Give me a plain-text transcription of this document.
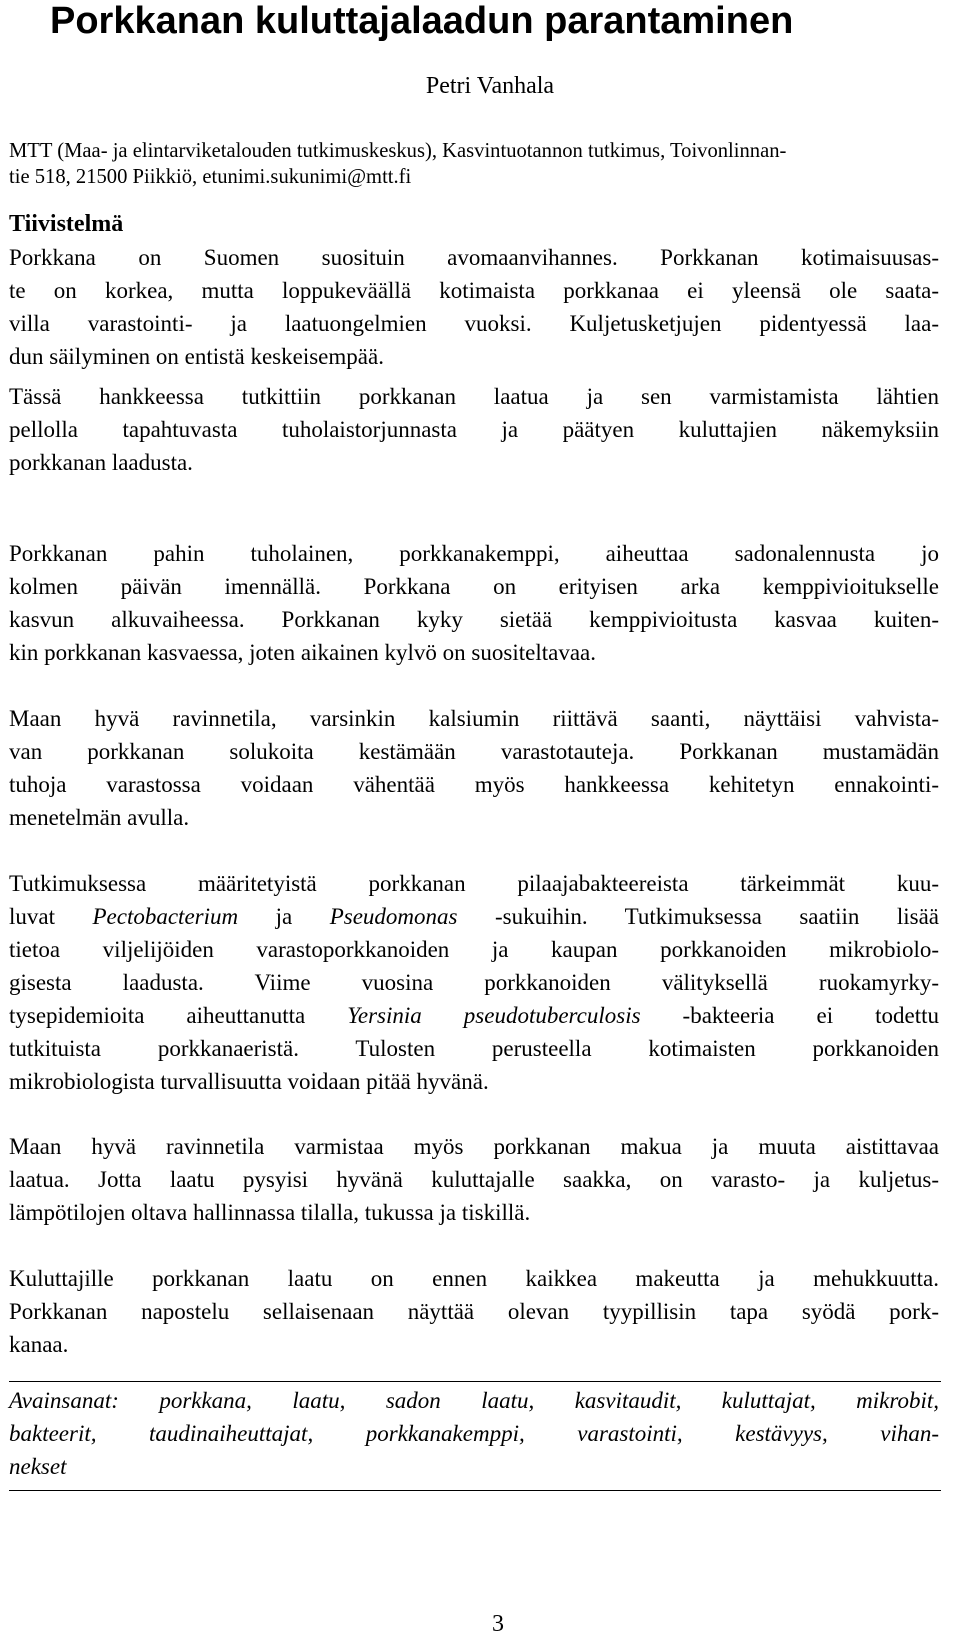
Porkkanan kuluttajalaadun parantaminen
Petri Vanhala
MTT (Maa- ja elintarviketalouden tutkimuskeskus), Kasvintuotannon tutkimus, Toivonlinnan-
tie 518, 21500 Piikkiö, etunimi.sukunimi@mtt.fi
Tiivistelmä
Porkkana on Suomen suosituin avomaanvihannes. Porkkanan kotimaisuusas-
te on korkea, mutta loppukeväällä kotimaista porkkanaa ei yleensä ole saata-
villa varastointi- ja laatuongelmien vuoksi. Kuljetusketjujen pidentyessä laa-
dun säilyminen on entistä keskeisempää.
Tässä hankkeessa tutkittiin porkkanan laatua ja sen varmistamista lähtien
pellolla tapahtuvasta tuholaistorjunnasta ja päätyen kuluttajien näkemyksiin
porkkanan laadusta.
Porkkanan pahin tuholainen, porkkanakemppi, aiheuttaa sadonalennusta jo
kolmen päivän imennällä. Porkkana on erityisen arka kemppivioitukselle
kasvun alkuvaiheessa. Porkkanan kyky sietää kemppivioitusta kasvaa kuiten-
kin porkkanan kasvaessa, joten aikainen kylvö on suositeltavaa.
Maan hyvä ravinnetila, varsinkin kalsiumin riittävä saanti, näyttäisi vahvista-
van porkkanan solukoita kestämään varastotauteja. Porkkanan mustamädän
tuhoja varastossa voidaan vähentää myös hankkeessa kehitetyn ennakointi-
menetelmän avulla.
Tutkimuksessa määritetyistä porkkanan pilaajabakteereista tärkeimmät kuu-
luvat Pectobacterium ja Pseudomonas -sukuihin. Tutkimuksessa saatiin lisää
tietoa viljelijöiden varastoporkkanoiden ja kaupan porkkanoiden mikrobiolo-
gisesta laadusta. Viime vuosina porkkanoiden välityksellä ruokamyrky-
tysepidemioita aiheuttanutta Yersinia pseudotuberculosis -bakteeria ei todettu
tutkituista porkkanaeristä. Tulosten perusteella kotimaisten porkkanoiden
mikrobiologista turvallisuutta voidaan pitää hyvänä.
Maan hyvä ravinnetila varmistaa myös porkkanan makua ja muuta aistittavaa
laatua. Jotta laatu pysyisi hyvänä kuluttajalle saakka, on varasto- ja kuljetus-
lämpötilojen oltava hallinnassa tilalla, tukussa ja tiskillä.
Kuluttajille porkkanan laatu on ennen kaikkea makeutta ja mehukkuutta.
Porkkanan napostelu sellaisenaan näyttää olevan tyypillisin tapa syödä pork-
kanaa.
Avainsanat: porkkana, laatu, sadon laatu, kasvitaudit, kuluttajat, mikrobit,
bakteerit, taudinaiheuttajat, porkkanakemppi, varastointi, kestävyys, vihan-
nekset
3
